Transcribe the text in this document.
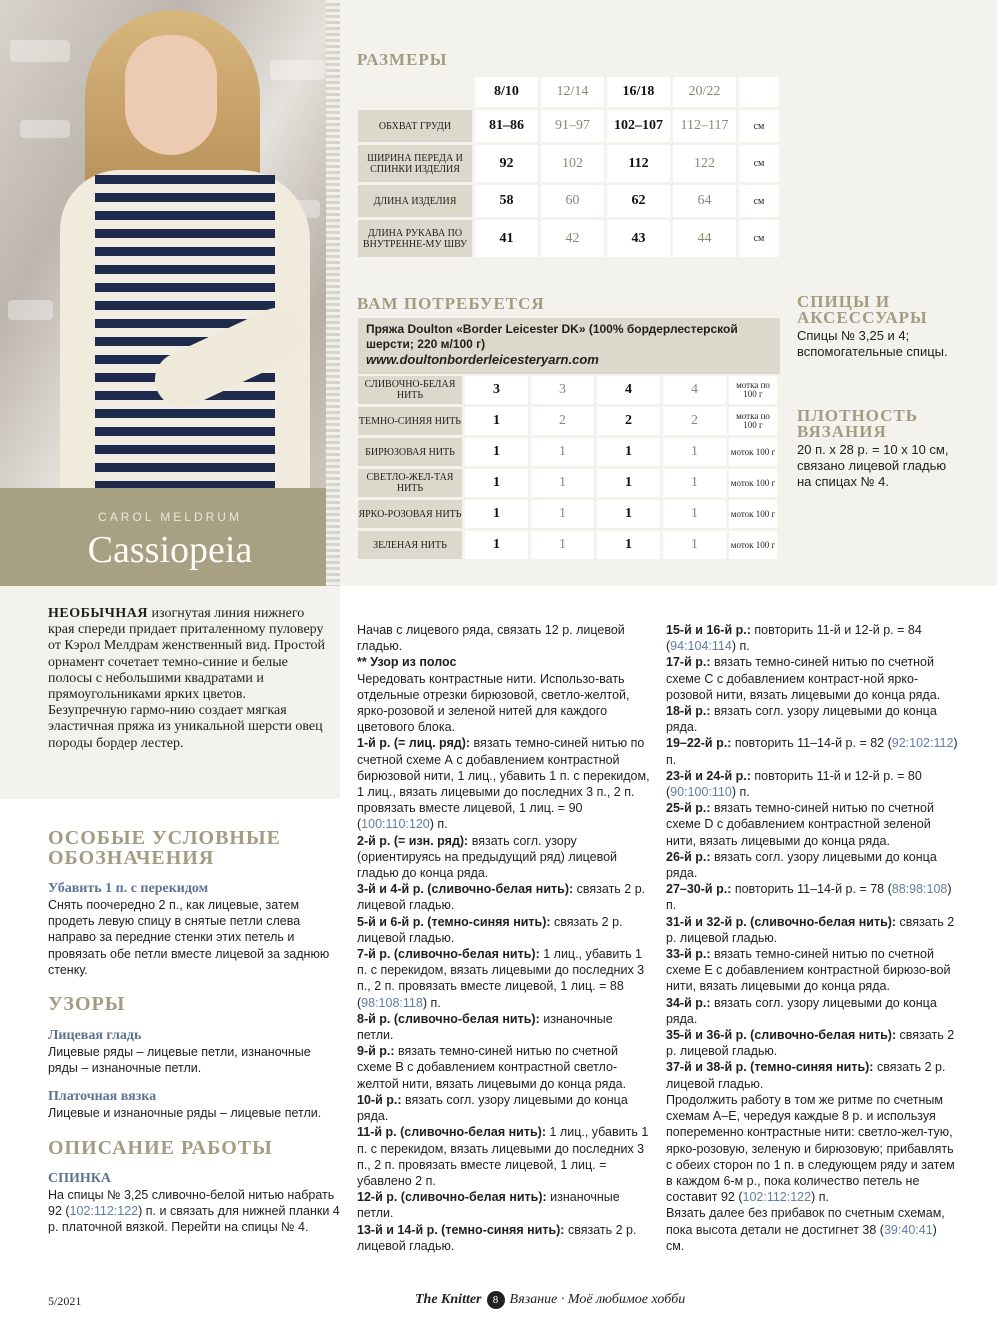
CAROL MELDRUM
Cassiopeia
РАЗМЕРЫ
	8/10	12/14	16/18	20/22	
ОБХВАТ ГРУДИ	81–86	91–97	102–107	112–117	см
ШИРИНА ПЕРЕДА И СПИНКИ ИЗДЕЛИЯ	92	102	112	122	см
ДЛИНА ИЗДЕЛИЯ	58	60	62	64	см
ДЛИНА РУКАВА ПО ВНУТРЕННЕ-МУ ШВУ	41	42	43	44	см
ВАМ ПОТРЕБУЕТСЯ
Пряжа Doulton «Border Leicester DK» (100% бордерлестерской шерсти; 220 м/100 г)
www.doultonborderleicesteryarn.com
СЛИВОЧНО-БЕЛАЯ НИТЬ	3	3	4	4	мотка по 100 г
ТЕМНО-СИНЯЯ НИТЬ	1	2	2	2	мотка по 100 г
БИРЮЗОВАЯ НИТЬ	1	1	1	1	моток 100 г
СВЕТЛО-ЖЕЛ-ТАЯ НИТЬ	1	1	1	1	моток 100 г
ЯРКО-РОЗОВАЯ НИТЬ	1	1	1	1	моток 100 г
ЗЕЛЕНАЯ НИТЬ	1	1	1	1	моток 100 г
СПИЦЫ И АКСЕССУАРЫ
Спицы № 3,25 и 4; вспомогательные спицы.
ПЛОТНОСТЬ ВЯЗАНИЯ
20 п. х 28 р. = 10 х 10 см, связано лицевой гладью на спицах № 4.
НЕОБЫЧНАЯ изогнутая линия нижнего края спереди придает приталенному пуловеру от Кэрол Мелдрам женственный вид. Простой орнамент сочетает темно-синие и белые полосы с небольшими квадратами и прямоугольниками ярких цветов. Безупречную гармо-нию создает мягкая эластичная пряжа из уникальной шерсти овец породы бордер лестер.
ОСОБЫЕ УСЛОВНЫЕ ОБОЗНАЧЕНИЯ
Убавить 1 п. с перекидом
Снять поочередно 2 п., как лицевые, затем продеть левую спицу в снятые петли слева направо за передние стенки этих петель и провязать обе петли вместе лицевой за заднюю стенку.
УЗОРЫ
Лицевая гладь
Лицевые ряды – лицевые петли, изнаночные ряды – изнаночные петли.
Платочная вязка
Лицевые и изнаночные ряды – лицевые петли.
ОПИСАНИЕ РАБОТЫ
СПИНКА
На спицы № 3,25 сливочно-белой нитью набрать 92 (102:112:122) п. и связать для нижней планки 4 р. платочной вязкой. Перейти на спицы № 4.
Начав с лицевого ряда, связать 12 р. лицевой гладью.
** Узор из полос
Чередовать контрастные нити. Использо-вать отдельные отрезки бирюзовой, светло-желтой, ярко-розовой и зеленой нитей для каждого цветового блока.
1-й р. (= лиц. ряд): вязать темно-синей нитью по счетной схеме А с добавлением контрастной бирюзовой нити, 1 лиц., убавить 1 п. с перекидом, 1 лиц., вязать лицевыми до последних 3 п., 2 п. провязать вместе лицевой, 1 лиц. = 90 (100:110:120) п.
2-й р. (= изн. ряд): вязать согл. узору (ориентируясь на предыдущий ряд) лицевой гладью до конца ряда.
3-й и 4-й р. (сливочно-белая нить): связать 2 р. лицевой гладью.
5-й и 6-й р. (темно-синяя нить): связать 2 р. лицевой гладью.
7-й р. (сливочно-белая нить): 1 лиц., убавить 1 п. с перекидом, вязать лицевыми до последних 3 п., 2 п. провязать вместе лицевой, 1 лиц. = 88 (98:108:118) п.
8-й р. (сливочно-белая нить): изнаночные петли.
9-й р.: вязать темно-синей нитью по счетной схеме В с добавлением контрастной светло-желтой нити, вязать лицевыми до конца ряда.
10-й р.: вязать согл. узору лицевыми до конца ряда.
11-й р. (сливочно-белая нить): 1 лиц., убавить 1 п. с перекидом, вязать лицевыми до последних 3 п., 2 п. провязать вместе лицевой, 1 лиц. = убавлено 2 п.
12-й р. (сливочно-белая нить): изнаночные петли.
13-й и 14-й р. (темно-синяя нить): связать 2 р. лицевой гладью.
15-й и 16-й р.: повторить 11-й и 12-й р. = 84 (94:104:114) п.
17-й р.: вязать темно-синей нитью по счетной схеме С с добавлением контраст-ной ярко-розовой нити, вязать лицевыми до конца ряда.
18-й р.: вязать согл. узору лицевыми до конца ряда.
19–22-й р.: повторить 11–14-й р. = 82 (92:102:112) п.
23-й и 24-й р.: повторить 11-й и 12-й р. = 80 (90:100:110) п.
25-й р.: вязать темно-синей нитью по счетной схеме D с добавлением контрастной зеленой нити, вязать лицевыми до конца ряда.
26-й р.: вязать согл. узору лицевыми до конца ряда.
27–30-й р.: повторить 11–14-й р. = 78 (88:98:108) п.
31-й и 32-й р. (сливочно-белая нить): связать 2 р. лицевой гладью.
33-й р.: вязать темно-синей нитью по счетной схеме Е с добавлением контрастной бирюзо-вой нити, вязать лицевыми до конца ряда.
34-й р.: вязать согл. узору лицевыми до конца ряда.
35-й и 36-й р. (сливочно-белая нить): связать 2 р. лицевой гладью.
37-й и 38-й р. (темно-синяя нить): связать 2 р. лицевой гладью.
Продолжить работу в том же ритме по счетным схемам А–Е, чередуя каждые 8 р. и используя попеременно контрастные нити: светло-жел-тую, ярко-розовую, зеленую и бирюзовую; прибавлять с обеих сторон по 1 п. в следующем ряду и затем в каждом 6-м р., пока количество петель не составит 92 (102:112:122) п.
Вязать далее без прибавок по счетным схемам, пока высота детали не достигнет 38 (39:40:41) см.
5/2021	The Knitter	8 Вязание · Моё любимое хобби
